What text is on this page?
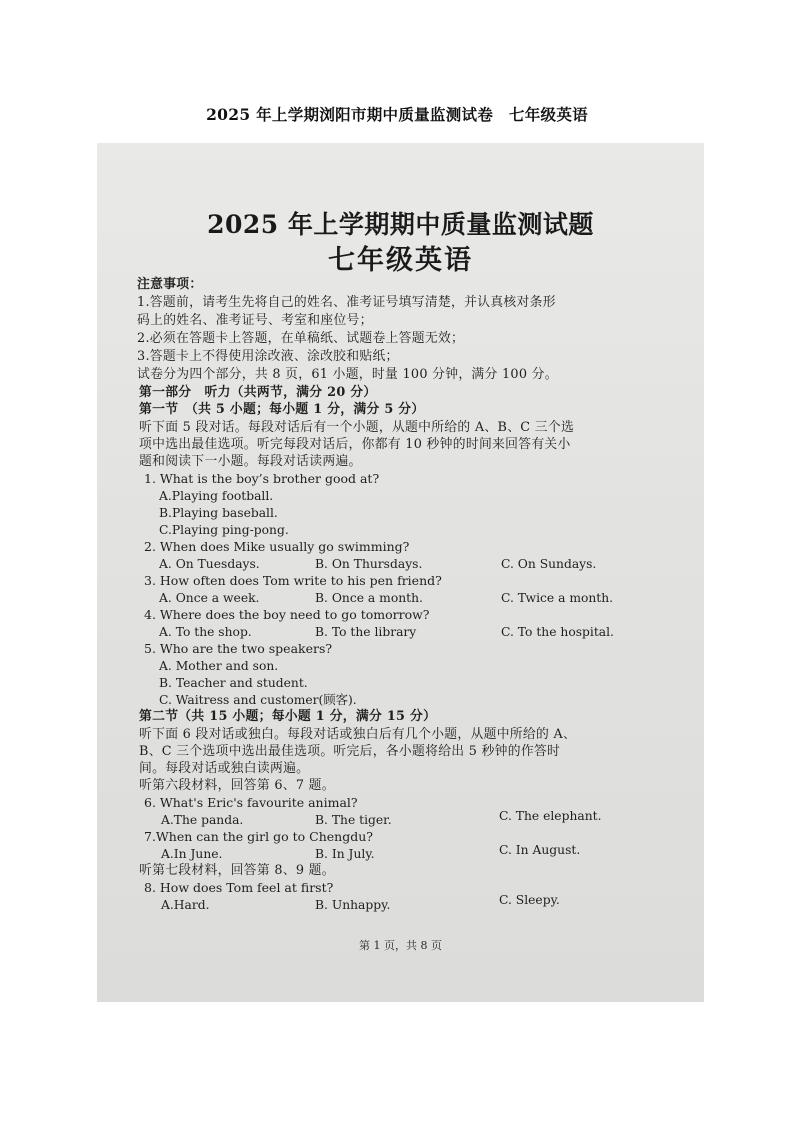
2025 年上学期浏阳市期中质量监测试卷　七年级英语
2025 年上学期期中质量监测试题
七年级英语
注意事项：
1.答题前，请考生先将自己的姓名、准考证号填写清楚，并认真核对条形
码上的姓名、准考证号、考室和座位号；
2.必须在答题卡上答题，在单稿纸、试题卷上答题无效；
3.答题卡上不得使用涂改液、涂改胶和贴纸；
试卷分为四个部分，共 8 页，61 小题，时量 100 分钟，满分 100 分。
第一部分　听力（共两节，满分 20 分）
第一节　（共 5 小题；每小题 1 分，满分 5 分）
听下面 5 段对话。每段对话后有一个小题，从题中所给的 A、B、C 三个选
项中选出最佳选项。听完每段对话后，你都有 10 秒钟的时间来回答有关小
题和阅读下一小题。每段对话读两遍。
1. What is the boy’s brother good at?
A.Playing football.
B.Playing baseball.
C.Playing ping-pong.
2. When does Mike usually go swimming?
A. On Tuesdays.	B. On Thursdays.	C. On Sundays.
3. How often does Tom write to his pen friend?
A. Once a week.	B. Once a month.	C. Twice a month.
4. Where does the boy need to go tomorrow?
A. To the shop.	B. To the library	C. To the hospital.
5. Who are the two speakers?
A. Mother and son.
B. Teacher and student.
C. Waitress and customer(顾客).
第二节（共 15 小题；每小题 1 分，满分 15 分）
听下面 6 段对话或独白。每段对话或独白后有几个小题，从题中所给的 A、
B、C 三个选项中选出最佳选项。听完后，各小题将给出 5 秒钟的作答时
间。每段对话或独白读两遍。
听第六段材料，回答第 6、7 题。
6. What's Eric's favourite animal?
A.The panda.	B. The tiger.	C. The elephant.
7.When can the girl go to Chengdu?
A.In June.	B. In July.	C. In August.
听第七段材料，回答第 8、9 题。
8. How does Tom feel at first?
A.Hard.	B. Unhappy.	C. Sleepy.
第 1 页，共 8 页
